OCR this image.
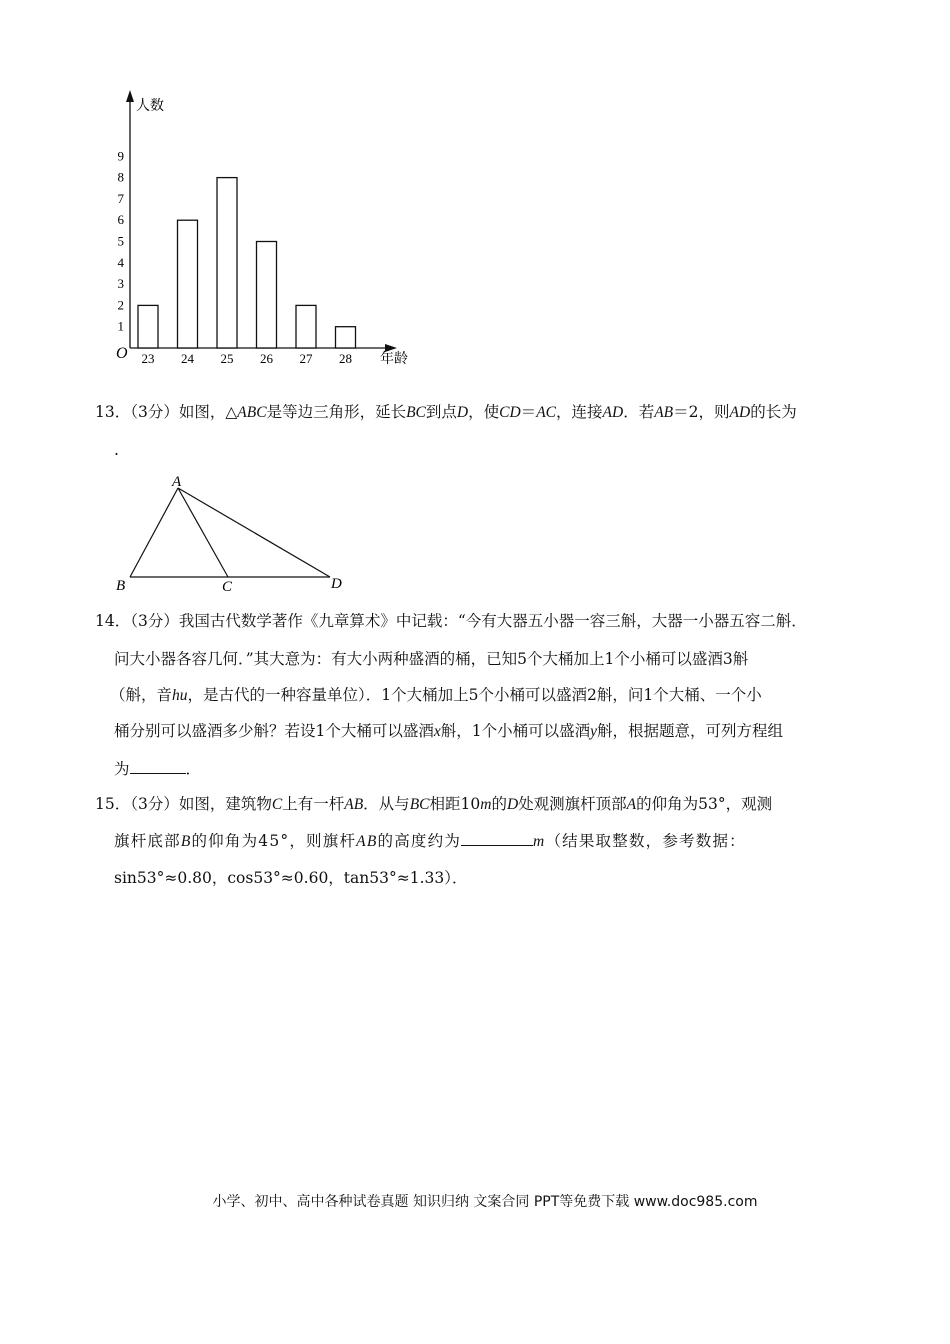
人数
年龄
O 23 24 25 26 27 28
1
2
3
4
5
6
7
8
9
13．（3分）如图，△ABC是等边三角形，延长BC到点D，使CD＝AC，连接AD．若AB＝2，则AD的长为
.
A
B	C	D
14．（3分）我国古代数学著作《九章算术》中记载：“今有大器五小器一容三斛，大器一小器五容二斛．
问大小器各容几何．”其大意为：有大小两种盛酒的桶，已知5个大桶加上1个小桶可以盛酒3斛
（斛，音hu，是古代的一种容量单位）．1个大桶加上5个小桶可以盛酒2斛，问1个大桶、一个小
桶分别可以盛酒多少斛？若设1个大桶可以盛酒x斛，1个小桶可以盛酒y斛，根据题意，可列方程组
为	．
15．（3分）如图，建筑物C上有一杆AB．从与BC相距10m的D处观测旗杆顶部A的仰角为53°，观测
旗杆底部B的仰角为45°，则旗杆AB的高度约为	m（结果取整数，参考数据：
sin53°≈0.80，cos53°≈0.60，tan53°≈1.33）．
小学、初中、高中各种试卷真题 知识归纳 文案合同 PPT等免费下载 www.doc985.com
